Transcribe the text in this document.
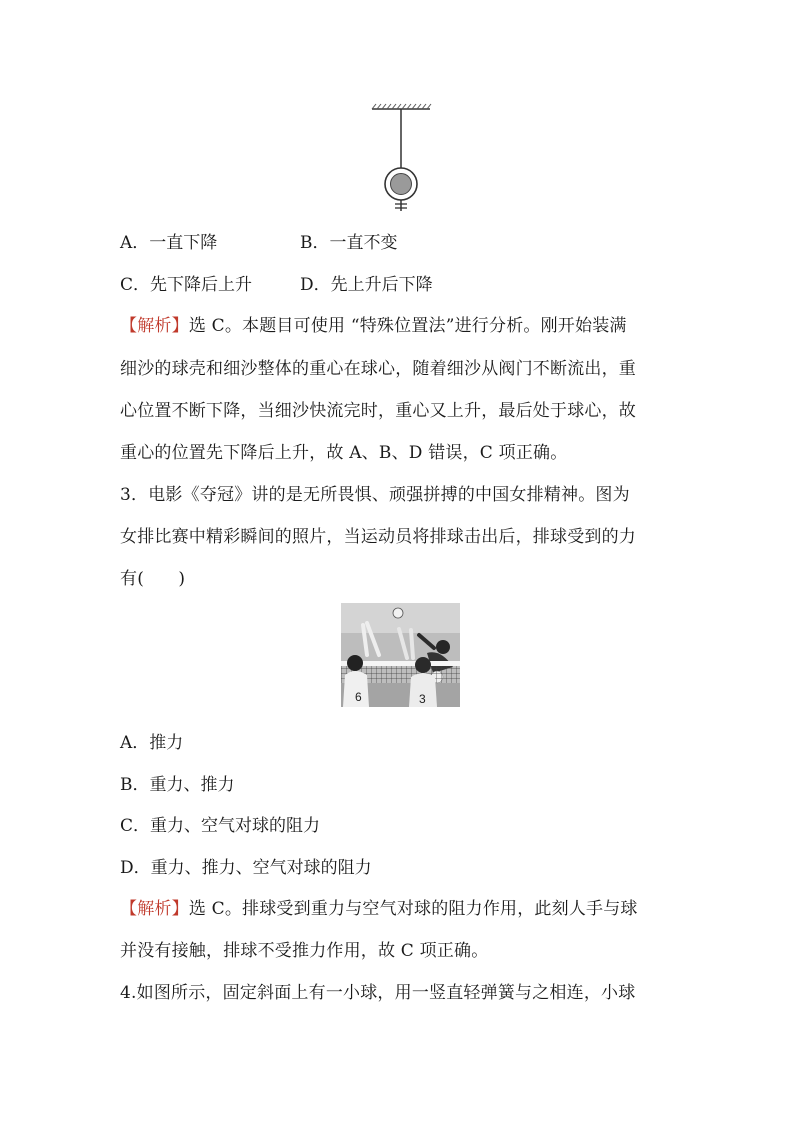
A．一直下降	B．一直不变
C．先下降后上升	D．先上升后下降
【解析】选 C。本题目可使用 “特殊位置法”进行分析。刚开始装满
细沙的球壳和细沙整体的重心在球心，随着细沙从阀门不断流出，重
心位置不断下降，当细沙快流完时，重心又上升，最后处于球心，故
重心的位置先下降后上升，故 A、B、D 错误，C 项正确。
3．电影《夺冠》讲的是无所畏惧、顽强拼搏的中国女排精神。图为
女排比赛中精彩瞬间的照片，当运动员将排球击出后，排球受到的力
有(　　)
6	3
A．推力
B．重力、推力
C．重力、空气对球的阻力
D．重力、推力、空气对球的阻力
【解析】选 C。排球受到重力与空气对球的阻力作用，此刻人手与球
并没有接触，排球不受推力作用，故 C 项正确。
4.如图所示，固定斜面上有一小球，用一竖直轻弹簧与之相连，小球
